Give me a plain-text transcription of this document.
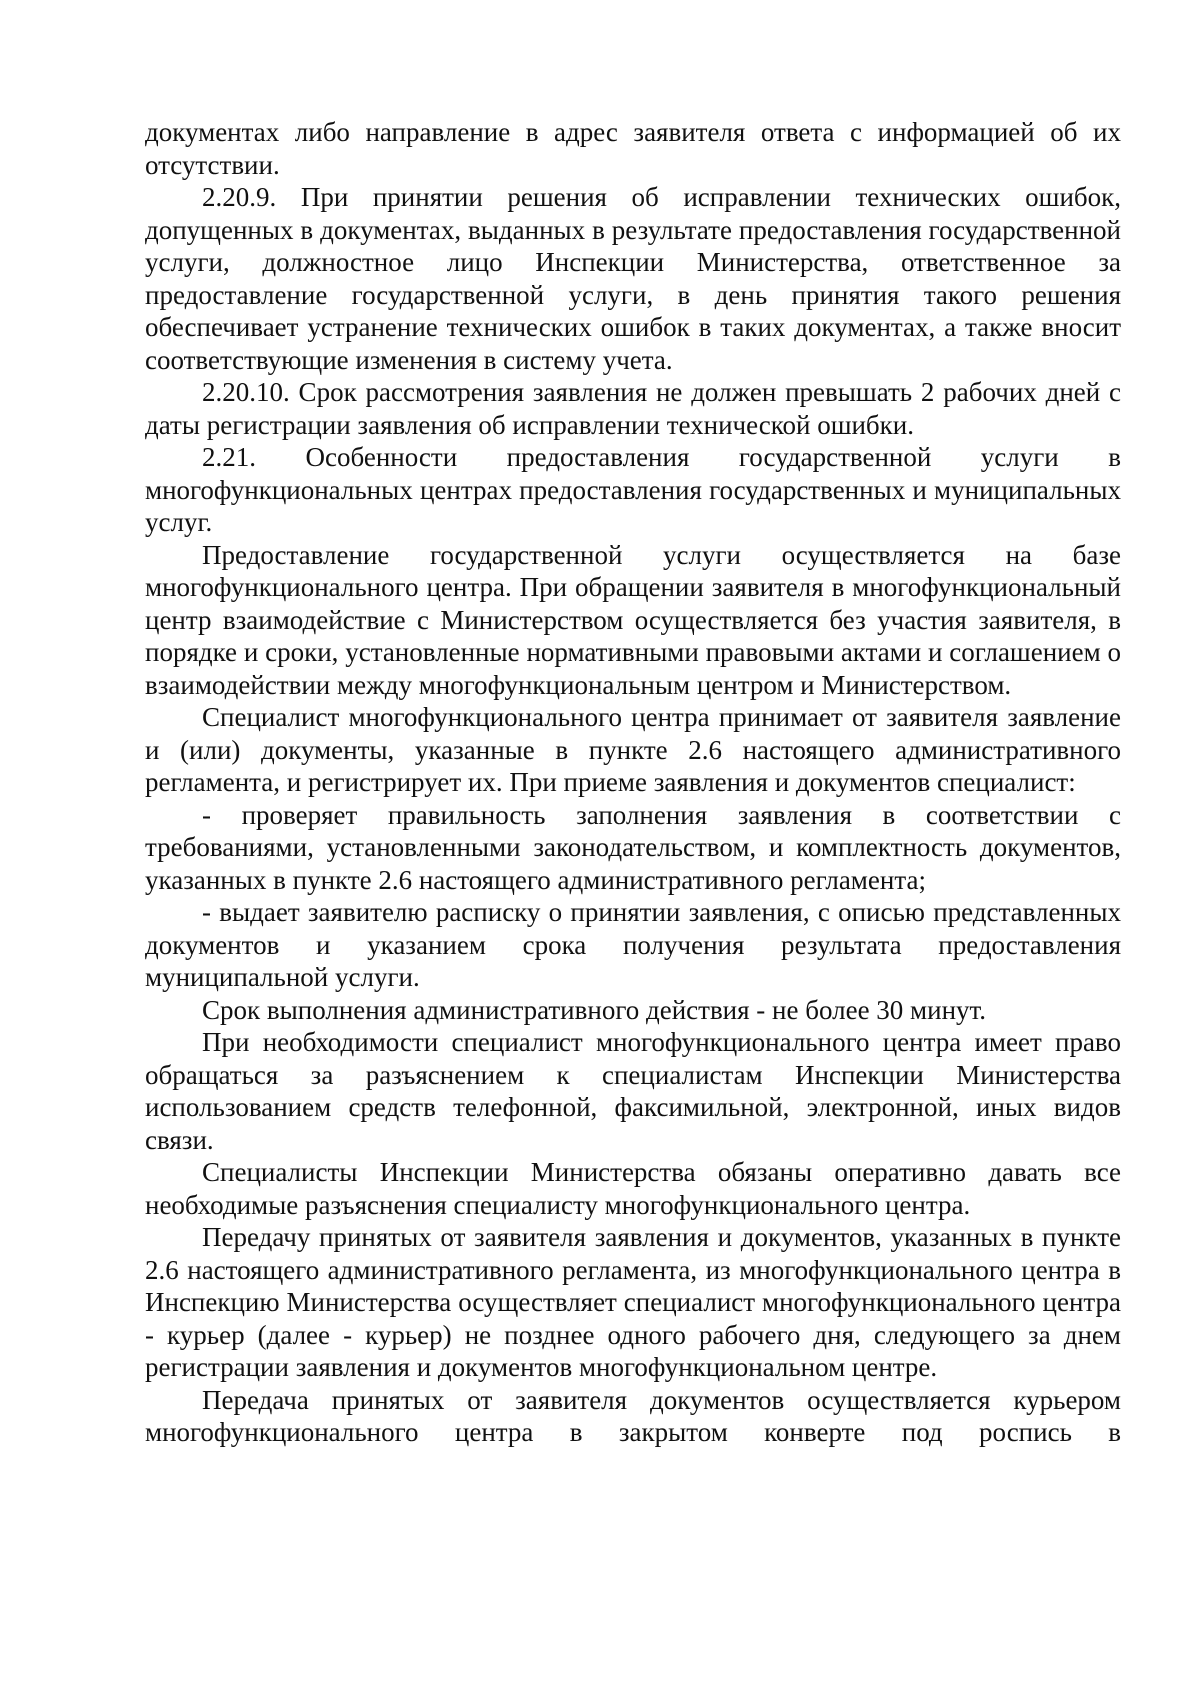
документах либо направление в адрес заявителя ответа с информацией об их отсутствии.

2.20.9. При принятии решения об исправлении технических ошибок, допущенных в документах, выданных в результате предоставления государственной услуги, должностное лицо Инспекции Министерства, ответственное за предоставление государственной услуги, в день принятия такого решения обеспечивает устранение технических ошибок в таких документах, а также вносит соответствующие изменения в систему учета.

2.20.10. Срок рассмотрения заявления не должен превышать 2 рабочих дней с даты регистрации заявления об исправлении технической ошибки.

2.21. Особенности предоставления государственной услуги в многофункциональных центрах предоставления государственных и муниципальных услуг.

Предоставление государственной услуги осуществляется на базе многофункционального центра. При обращении заявителя в многофункциональный центр взаимодействие с Министерством осуществляется без участия заявителя, в порядке и сроки, установленные нормативными правовыми актами и соглашением о взаимодействии между многофункциональным центром и Министерством.

Специалист многофункционального центра принимает от заявителя заявление и (или) документы, указанные в пункте 2.6 настоящего административного регламента, и регистрирует их. При приеме заявления и документов специалист:

- проверяет правильность заполнения заявления в соответствии с требованиями, установленными законодательством, и комплектность документов, указанных в пункте 2.6 настоящего административного регламента;

- выдает заявителю расписку о принятии заявления, с описью представленных документов и указанием срока получения результата предоставления муниципальной услуги.

Срок выполнения административного действия - не более 30 минут.

При необходимости специалист многофункционального центра имеет право обращаться за разъяснением к специалистам Инспекции Министерства использованием средств телефонной, факсимильной, электронной, иных видов связи.

Специалисты Инспекции Министерства обязаны оперативно давать все необходимые разъяснения специалисту многофункционального центра.

Передачу принятых от заявителя заявления и документов, указанных в пункте 2.6 настоящего административного регламента, из многофункционального центра в Инспекцию Министерства осуществляет специалист многофункционального центра - курьер (далее - курьер) не позднее одного рабочего дня, следующего за днем регистрации заявления и документов многофункциональном центре.

Передача принятых от заявителя документов осуществляется курьером многофункционального центра в закрытом конверте под роспись в
